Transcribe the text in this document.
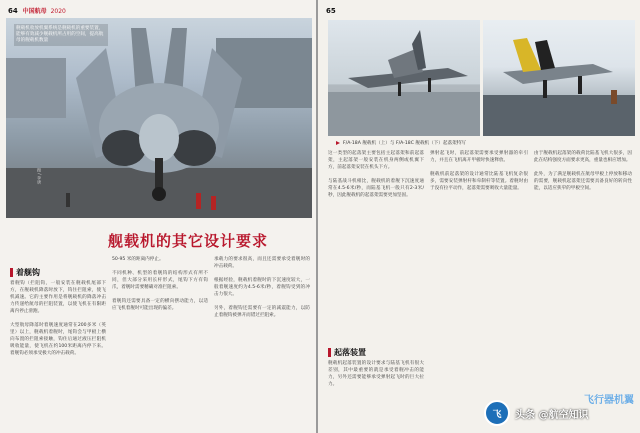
64 中国航母 2020
舰载机收放机翼系统是舰载机的重要装置，能够有效减少舰载机所占用的空间，提高航母的舰载机数量
摄 / 李唐
舰载机的其它设计要求
着舰钩
着舰钩（拦阻钩，一般安装在舰载机尾部下方，在舰载机降落时放下，钩住拦阻索，使飞机减速。它的主要作用是将舰载机的降落冲击力传递给航母的拦阻装置，以使飞机在有限距离内停止滑跑。

大型航母降落时着舰速度通常在200多米（英里）以上，舰载机着舰时，尾钩会与甲板上横向布置的拦阻索接触，钩住后通过液压拦阻机吸收能量，使飞机在约100米距离内停下来。着舰钩必须承受极大的冲击载荷。
50-95 米的距离内停止。

不同机种、机型的着舰钩的结构形式有所不同，但大部分采用长杆形式，尾钩下方有钩爪，着舰时需要精确对准拦阻索。

着舰钩还需要具备一定的横向摆动能力，以适应飞机着舰时可能出现的偏差。
承载力的要求很高，而且还需要承受着舰时的冲击载荷。

根据经验，舰载机着舰时的下沉速度较大，一般着舰速度约为4.5-6米/秒，着舰钩受到的冲击力很大。

另外，着舰钩还需要有一定的减震能力，以防止着舰钩被弹开而错过拦阻索。
65
F/A-18A 舰载机（上）与 F/A-18C 舰载机（下）起落架特写
这一类型的起落架主要包括主起落架和前起落架，主起落架一般安装在机身两侧或机翼下方，前起落架安装在机头下方。

与陆基战斗机相比，舰载机的着舰下沉速度通常在4.5-6米/秒，而陆基飞机一般只有2-3米/秒，因此舰载机的起落架需要更加坚固。
起落装置
舰载机起落装置的设计要求与陆基飞机有很大差别，其中最重要的就是承受着舰冲击的能力，另外还需要能够承受弹射起飞时的巨大拉力。
弹射起飞时，前起落架需要承受弹射器的牵引力，并且在飞机离开甲板时快速释放。

舰载机前起落架的设计通常比陆基飞机复杂很多，需要安装弹射杆和牵制杆等装置。着舰时由于没有拉平动作，起落架需要吸收大量能量。
由于舰载机起落架的载荷比陆基飞机大很多，因此在结构强度方面要求更高，重量也相应增加。

此外，为了满足舰载机在航母甲板上停放和移动的需要，舰载机起落架还需要具备良好的转向性能，以适应狭窄的甲板空间。
飞	头条 @航空知识
飞行器机翼
